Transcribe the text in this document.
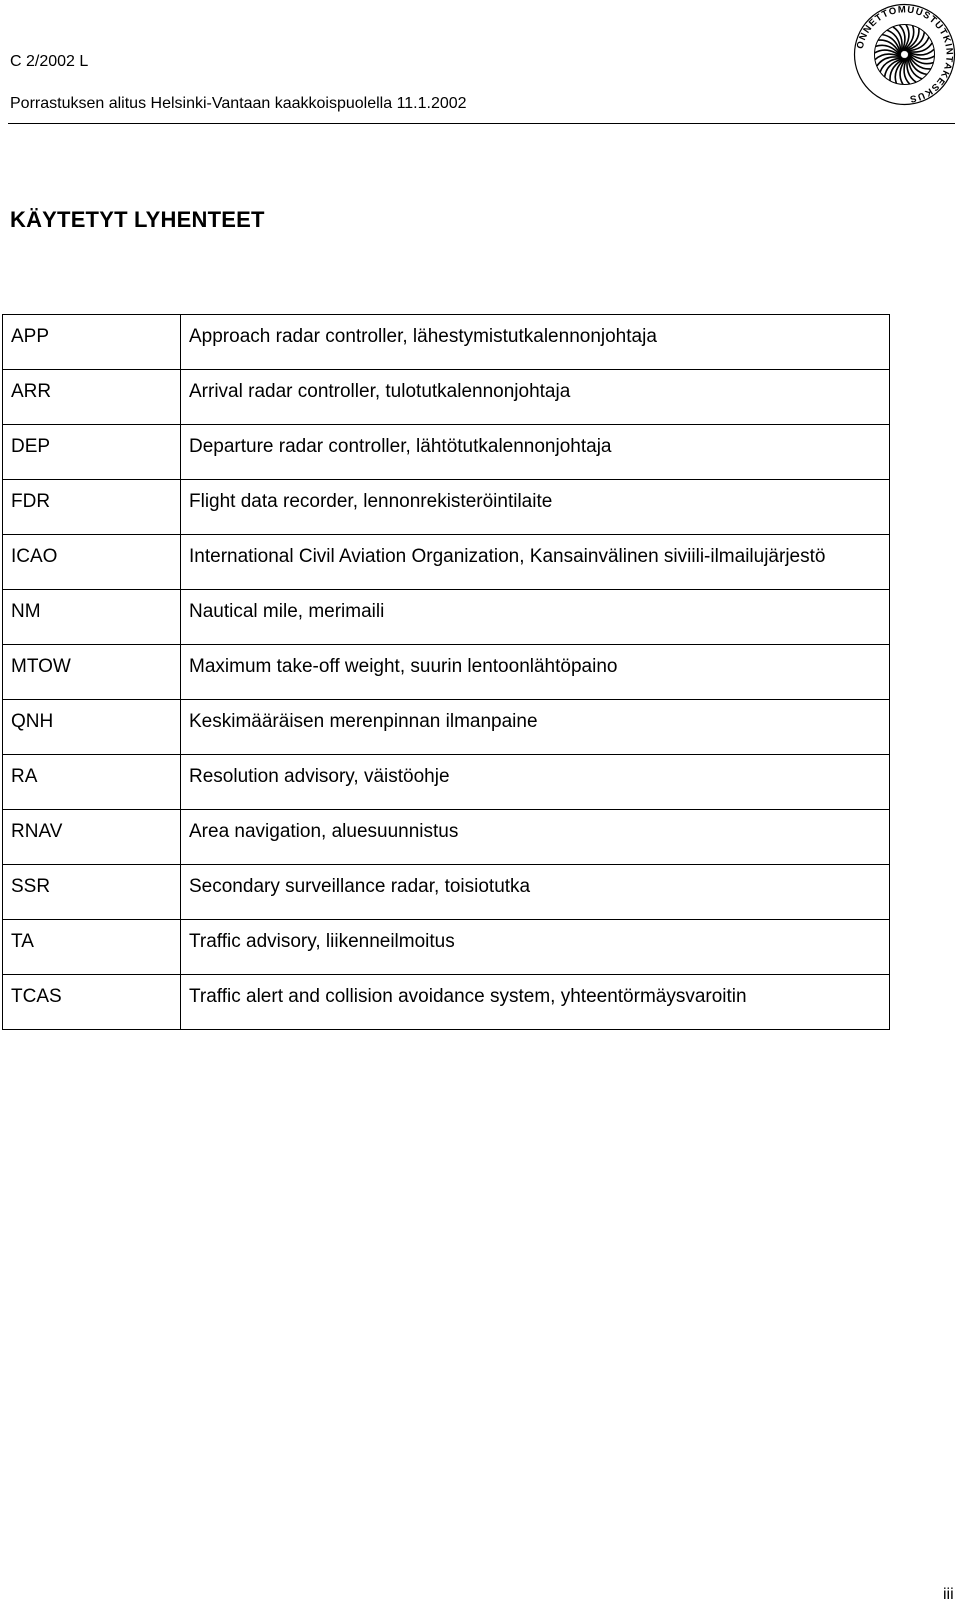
C 2/2002 L
Porrastuksen alitus Helsinki-Vantaan kaakkoispuolella 11.1.2002
ONNETTOMUUSTUTKINTAKESKUS
KÄYTETYT LYHENTEET
APP	Approach radar controller, lähestymistutkalennonjohtaja
ARR	Arrival radar controller, tulotutkalennonjohtaja
DEP	Departure radar controller, lähtötutkalennonjohtaja
FDR	Flight data recorder, lennonrekisteröintilaite
ICAO	International Civil Aviation Organization, Kansainvälinen siviili-ilmailujärjestö
NM	Nautical mile, merimaili
MTOW	Maximum take-off weight, suurin lentoonlähtöpaino
QNH	Keskimääräisen merenpinnan ilmanpaine
RA	Resolution advisory, väistöohje
RNAV	Area navigation, aluesuunnistus
SSR	Secondary surveillance radar, toisiotutka
TA	Traffic advisory, liikenneilmoitus
TCAS	Traffic alert and collision avoidance system, yhteentörmäysvaroitin
iii
